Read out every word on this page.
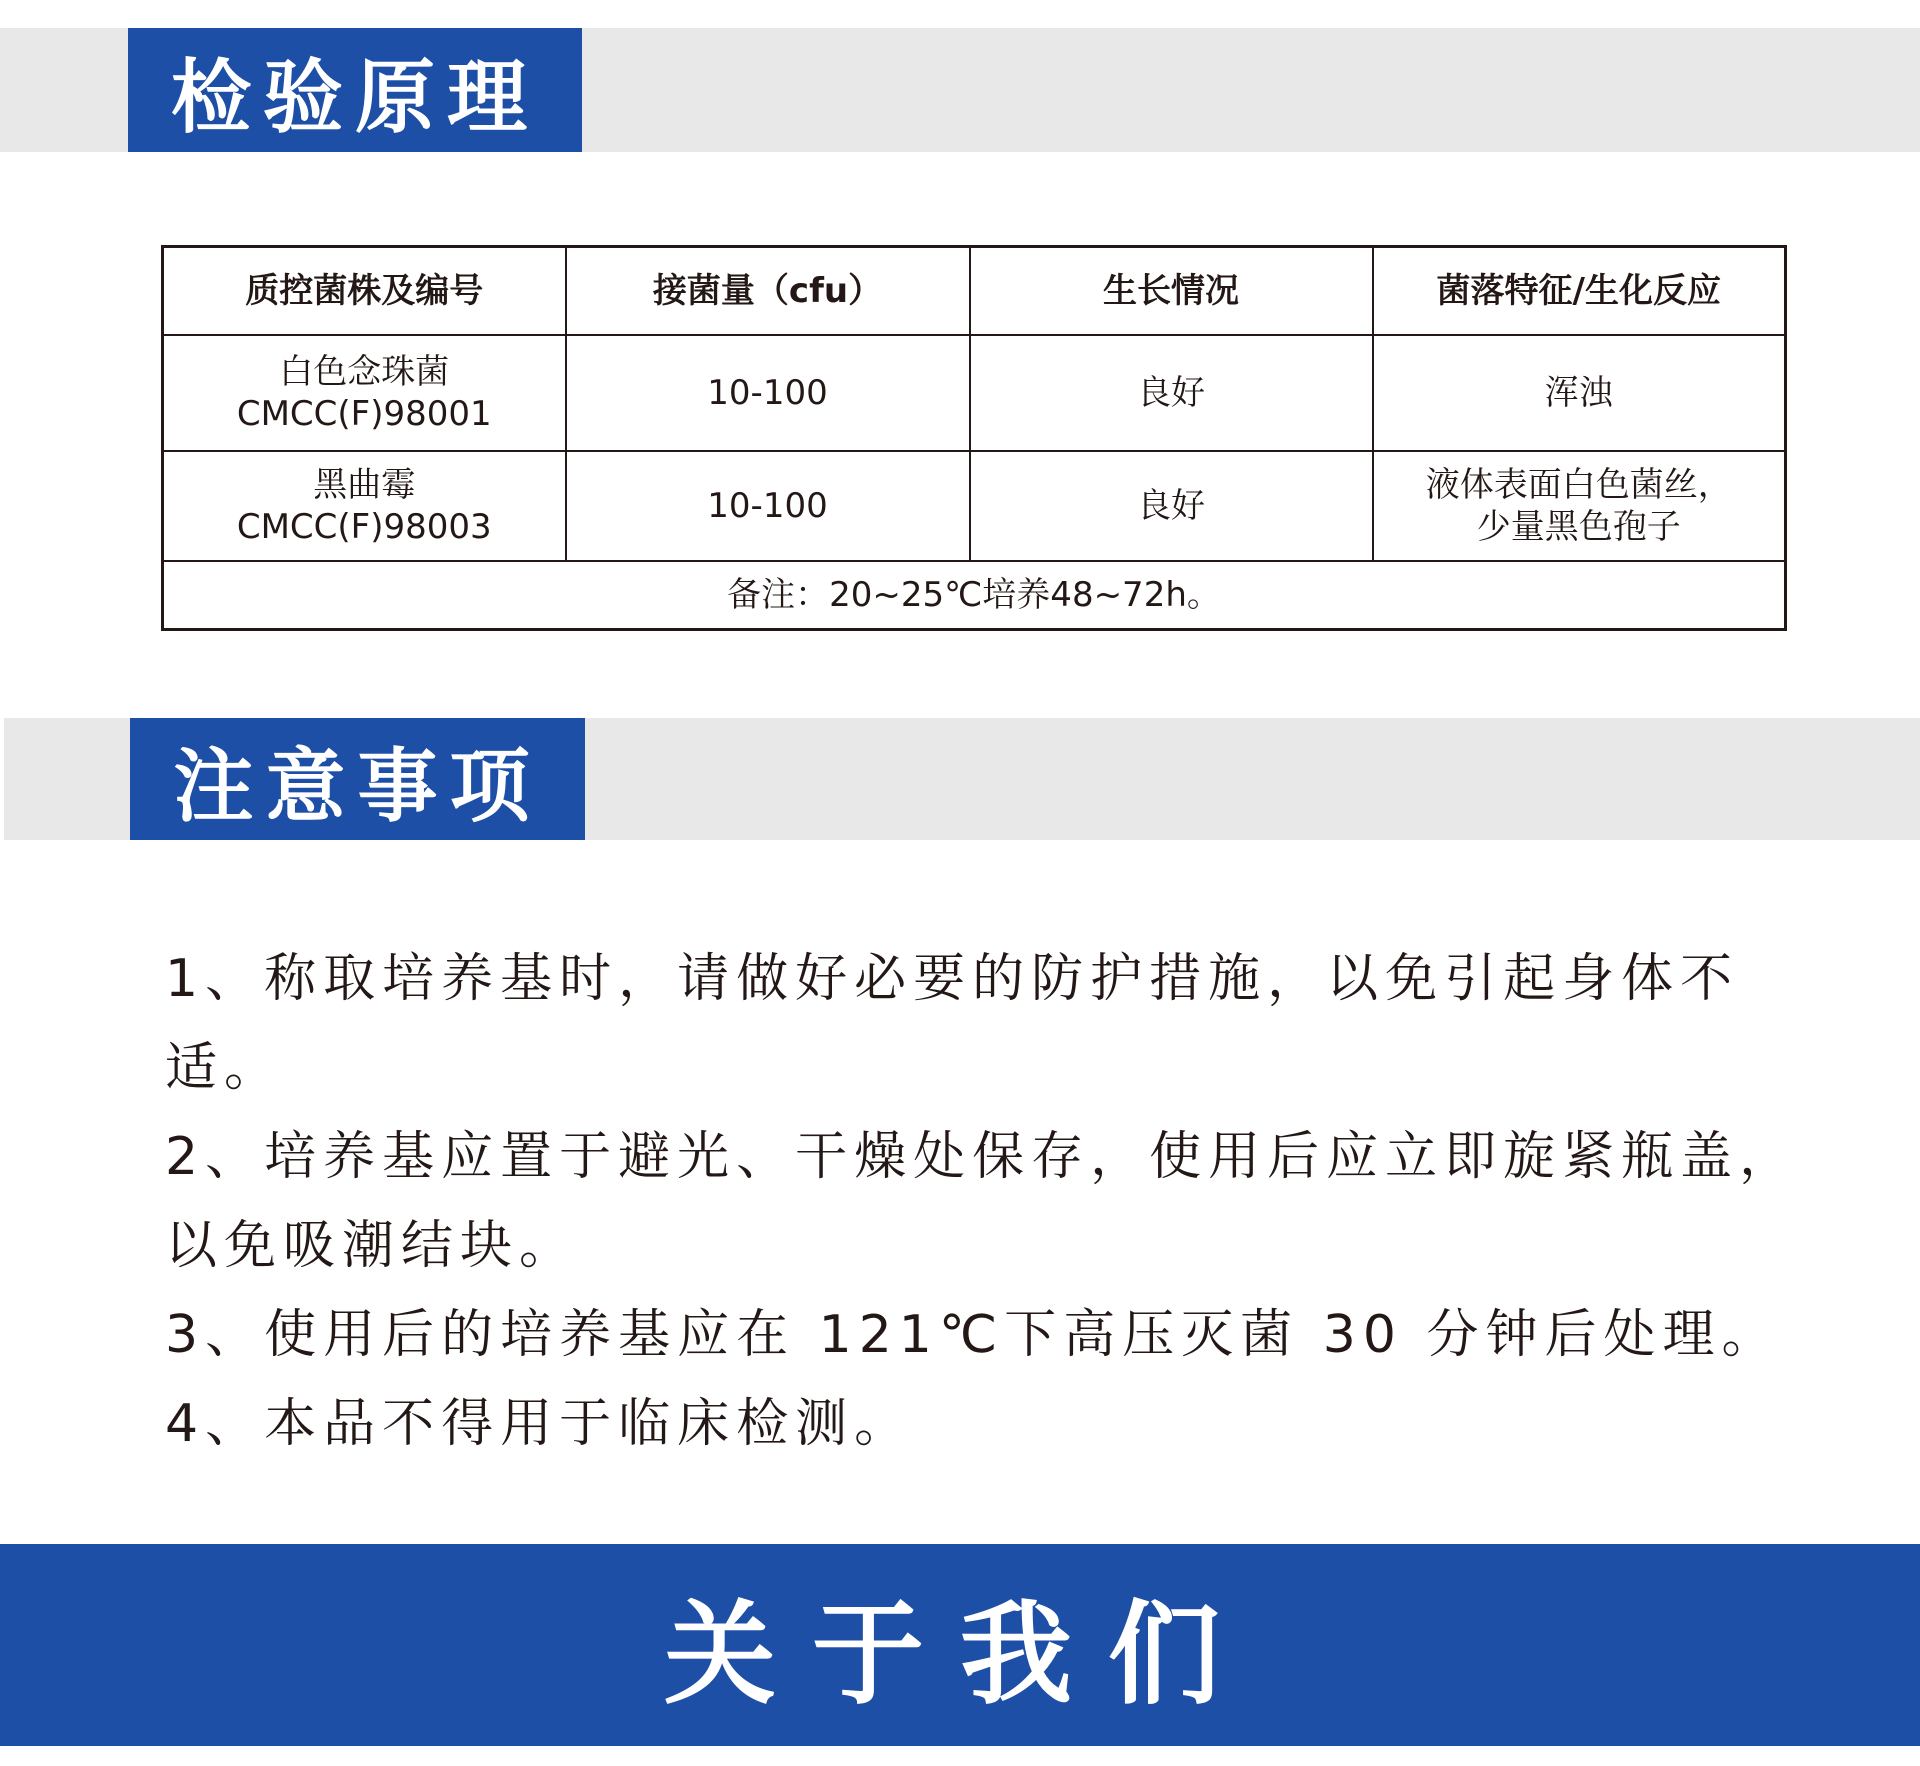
检验原理
质控菌株及编号	接菌量（cfu）	生长情况	菌落特征/生化反应

白色念珠菌
CMCC(F)98001	10-100	良好	浑浊

黑曲霉
CMCC(F)98003	10-100	良好	液体表面白色菌丝，
少量黑色孢子

备注：20~25℃培养48~72h。			
注意事项

1、称取培养基时，请做好必要的防护措施，以免引起身体不适。

2、培养基应置于避光、干燥处保存，使用后应立即旋紧瓶盖，以免吸潮结块。

3、使用后的培养基应在 121℃下高压灭菌 30 分钟后处理。

4、本品不得用于临床检测。

关于我们
